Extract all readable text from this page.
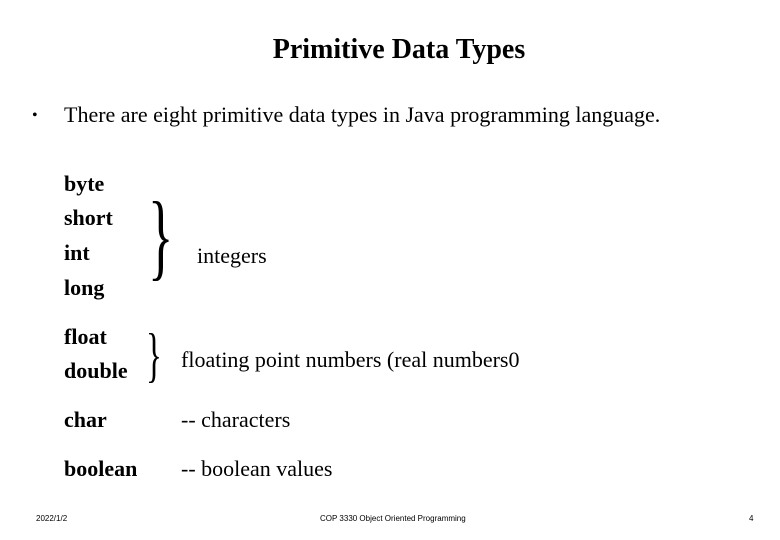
Primitive Data Types
• There are eight primitive data types in Java programming language.
byte
short
int
long } integers
float
double } floating point numbers (real numbers0
char	-- characters
boolean -- boolean values
2022/1/2	COP 3330 Object Oriented Programming	4
